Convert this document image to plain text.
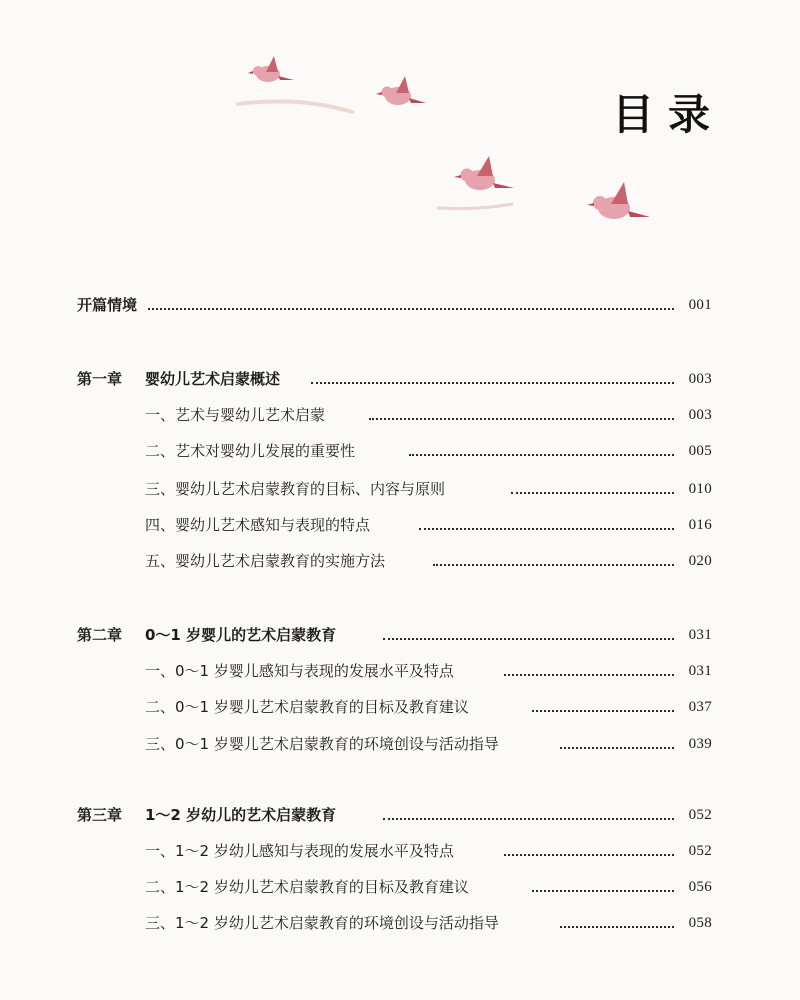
目录
开篇情境	001
第一章 婴幼儿艺术启蒙概述	003
一、艺术与婴幼儿艺术启蒙	003
二、艺术对婴幼儿发展的重要性	005
三、婴幼儿艺术启蒙教育的目标、内容与原则	010
四、婴幼儿艺术感知与表现的特点	016
五、婴幼儿艺术启蒙教育的实施方法	020
第二章 0～1 岁婴儿的艺术启蒙教育	031
一、0～1 岁婴儿感知与表现的发展水平及特点	031
二、0～1 岁婴儿艺术启蒙教育的目标及教育建议	037
三、0～1 岁婴儿艺术启蒙教育的环境创设与活动指导	039
第三章 1～2 岁幼儿的艺术启蒙教育	052
一、1～2 岁幼儿感知与表现的发展水平及特点	052
二、1～2 岁幼儿艺术启蒙教育的目标及教育建议	056
三、1～2 岁幼儿艺术启蒙教育的环境创设与活动指导	058
